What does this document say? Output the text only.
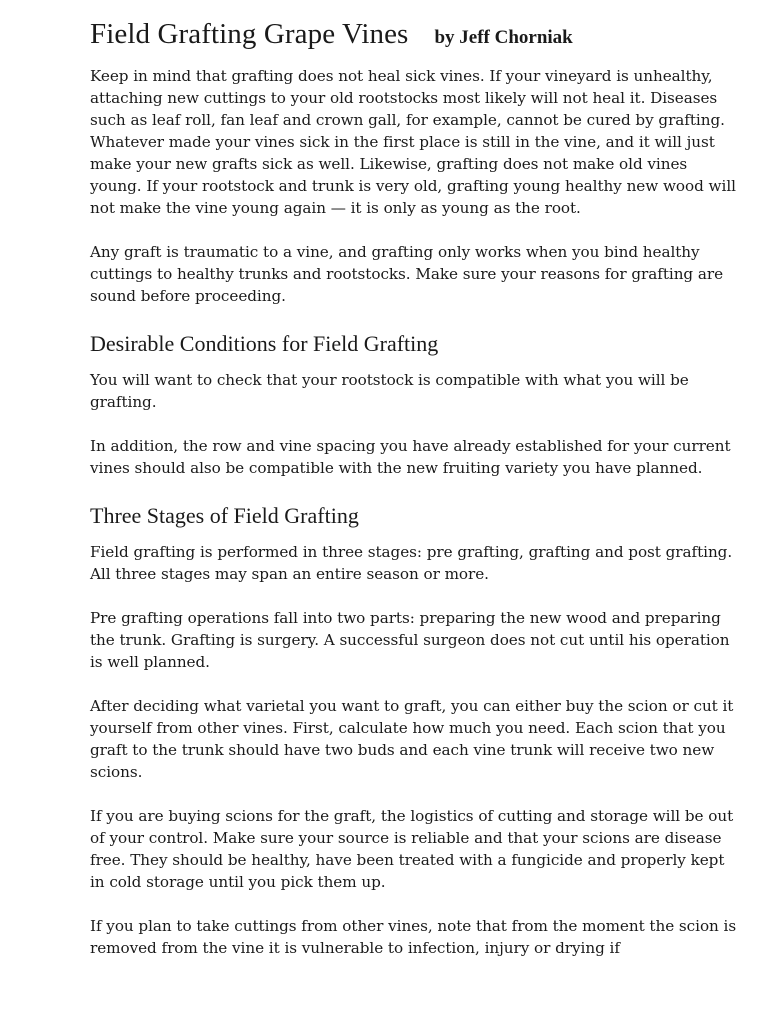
Field Grafting Grape Vines by Jeff Chorniak

Keep in mind that grafting does not heal sick vines. If your vineyard is unhealthy, attaching new cuttings to your old rootstocks most likely will not heal it. Diseases such as leaf roll, fan leaf and crown gall, for example, cannot be cured by grafting. Whatever made your vines sick in the first place is still in the vine, and it will just make your new grafts sick as well. Likewise, grafting does not make old vines young. If your rootstock and trunk is very old, grafting young healthy new wood will not make the vine young again — it is only as young as the root.

Any graft is traumatic to a vine, and grafting only works when you bind healthy cuttings to healthy trunks and rootstocks. Make sure your reasons for grafting are sound before proceeding.

Desirable Conditions for Field Grafting

You will want to check that your rootstock is compatible with what you will be grafting.

In addition, the row and vine spacing you have already established for your current vines should also be compatible with the new fruiting variety you have planned.

Three Stages of Field Grafting

Field grafting is performed in three stages: pre grafting, grafting and post grafting. All three stages may span an entire season or more.

Pre grafting operations fall into two parts: preparing the new wood and preparing the trunk. Grafting is surgery. A successful surgeon does not cut until his operation is well planned.

After deciding what varietal you want to graft, you can either buy the scion or cut it yourself from other vines. First, calculate how much you need. Each scion that you graft to the trunk should have two buds and each vine trunk will receive two new scions.

If you are buying scions for the graft, the logistics of cutting and storage will be out of your control. Make sure your source is reliable and that your scions are disease free. They should be healthy, have been treated with a fungicide and properly kept in cold storage until you pick them up.

If you plan to take cuttings from other vines, note that from the moment the scion is removed from the vine it is vulnerable to infection, injury or drying if
